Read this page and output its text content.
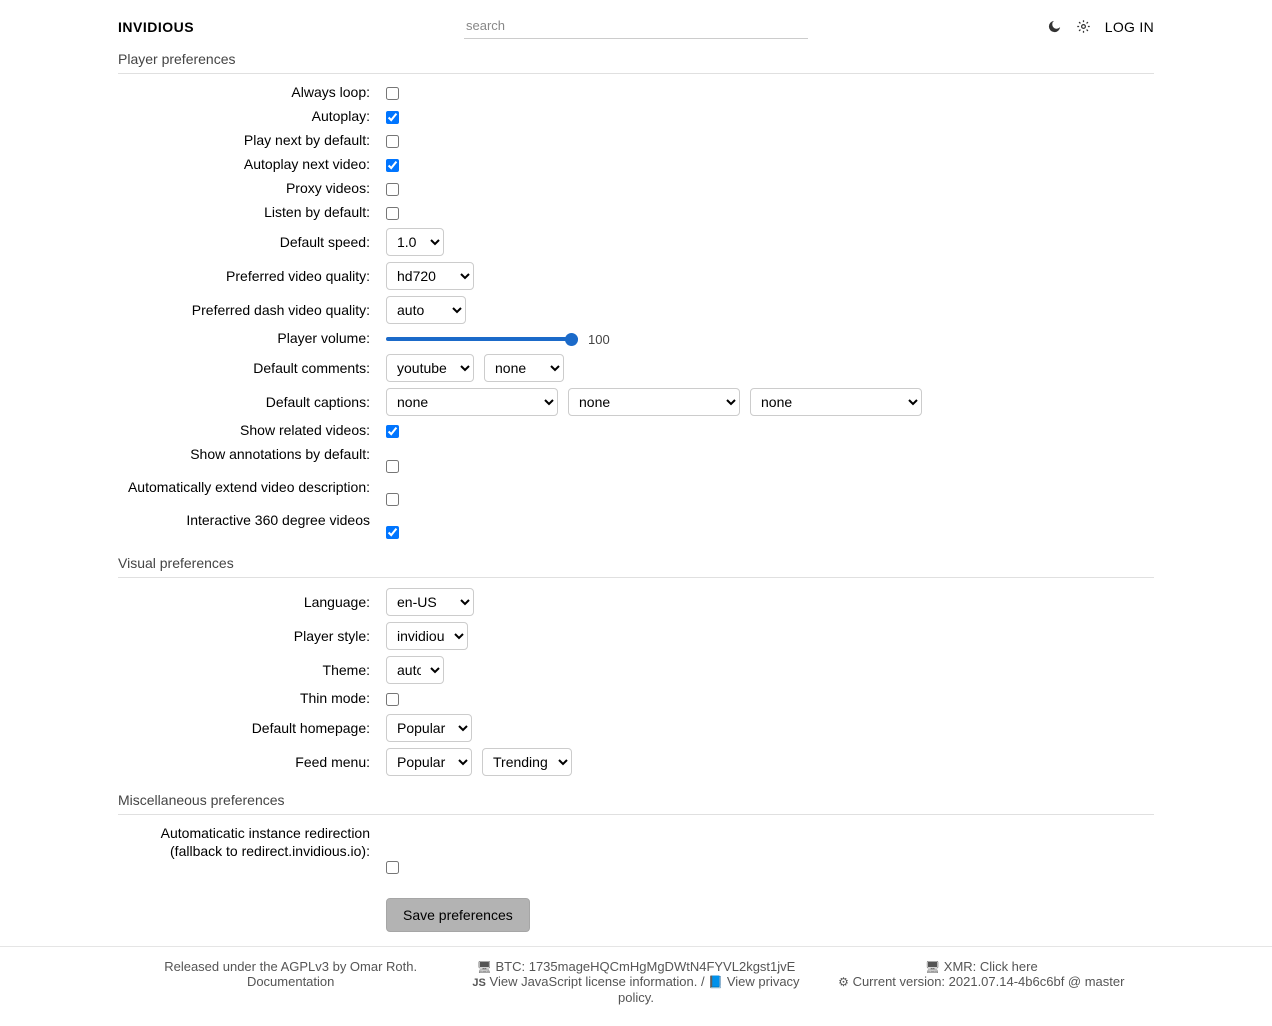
INVIDIOUS
search	LOG IN
Player preferences
Always loop:
Autoplay:
Play next by default:
Autoplay next video:
Proxy videos:
Listen by default:
Default speed:
1.0
Preferred video quality:
hd720
Preferred dash video quality:
auto
Player volume:	100
Default comments:
youtube
none
Default captions:
none
none
none
Show related videos:
Show annotations by default:
Automatically extend video description:
Interactive 360 degree videos
Visual preferences
Language:
en-US
Player style:
invidious
Theme:
auto
Thin mode:
Default homepage:
Popular
Feed menu:
Popular
Trending
Miscellaneous preferences
Automaticatic instance redirection (fallback to redirect.invidious.io):
Save preferences
Released under the AGPLv3 by Omar Roth.
Documentation
🖥 BTC: 1735mageHQCmHgMgDWtN4FYVL2kgst1jvE
JS View JavaScript license information. / 📘 View privacy policy.
🖥 XMR: Click here
⚙ Current version: 2021.07.14-4b6c6bf @ master
